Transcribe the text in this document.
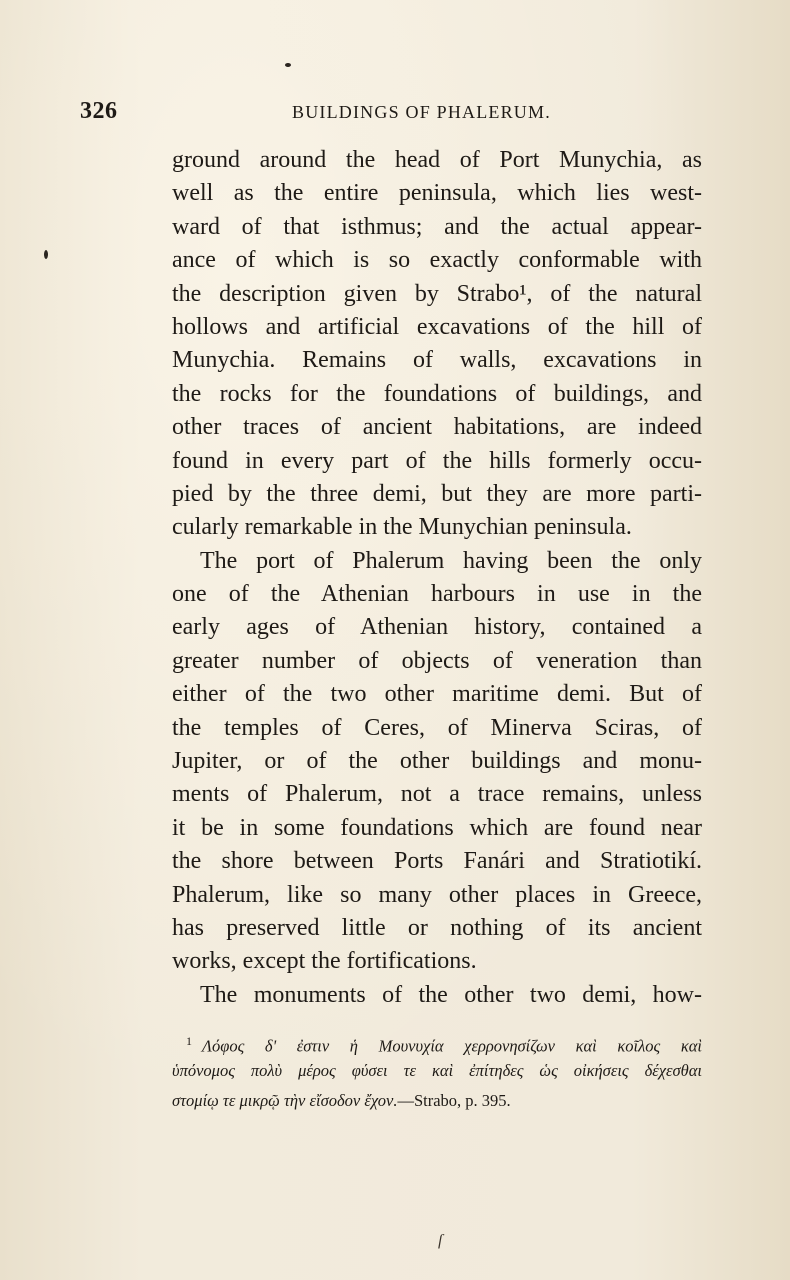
326	BUILDINGS OF PHALERUM.
ground around the head of Port Munychia, as
well as the entire peninsula, which lies west-
ward of that isthmus; and the actual appear-
ance of which is so exactly conformable with
the description given by Strabo¹, of the natural
hollows and artificial excavations of the hill of
Munychia. Remains of walls, excavations in
the rocks for the foundations of buildings, and
other traces of ancient habitations, are indeed
found in every part of the hills formerly occu-
pied by the three demi, but they are more parti-
cularly remarkable in the Munychian peninsula.
The port of Phalerum having been the only
one of the Athenian harbours in use in the
early ages of Athenian history, contained a
greater number of objects of veneration than
either of the two other maritime demi. But of
the temples of Ceres, of Minerva Sciras, of
Jupiter, or of the other buildings and monu-
ments of Phalerum, not a trace remains, unless
it be in some foundations which are found near
the shore between Ports Fanári and Stratiotikí.
Phalerum, like so many other places in Greece,
has preserved little or nothing of its ancient
works, except the fortifications.
The monuments of the other two demi, how-
$^1$ Λόφος δ' ἐστιν ἡ Μουνυχία χερρονησίζων καὶ κοῖλος καὶ
ὑπόνομος πολὺ μέρος φύσει τε καὶ ἐπίτηδες ὡς οἰκήσεις δέχεσθαι
στομίῳ τε μικρῷ τὴν εἴσοδον ἔχον.—Strabo, p. 395.
ſ
